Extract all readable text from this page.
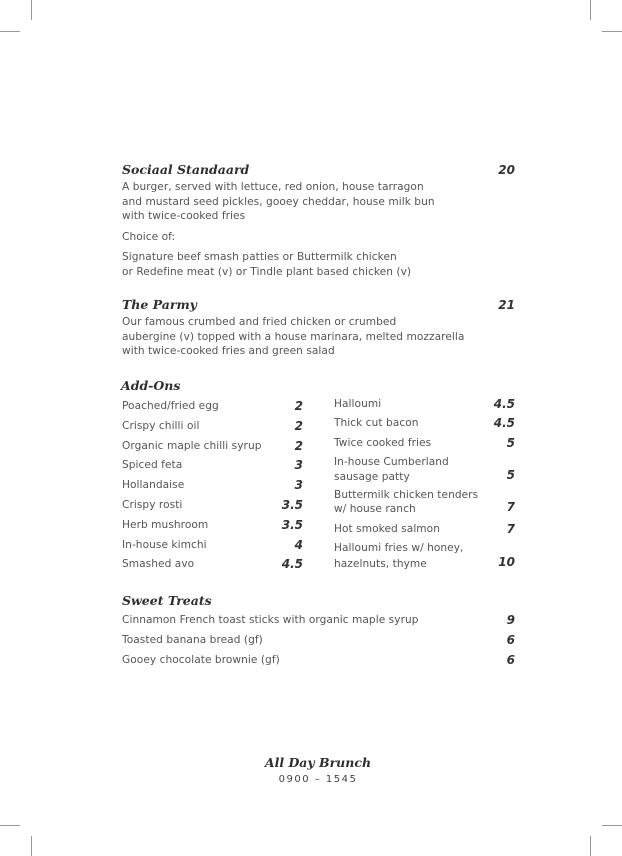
Sociaal Standaard	20
A burger, served with lettuce, red onion, house tarragon
and mustard seed pickles, gooey cheddar, house milk bun
with twice-cooked fries
Choice of:
Signature beef smash patties or Buttermilk chicken
or Redefine meat (v) or Tindle plant based chicken (v)
The Parmy	21
Our famous crumbed and fried chicken or crumbed
aubergine (v) topped with a house marinara, melted mozzarella
with twice-cooked fries and green salad
Add-Ons
Poached/fried egg	2
Crispy chilli oil	2
Organic maple chilli syrup	2
Spiced feta	3
Hollandaise	3
Crispy rosti	3.5
Herb mushroom	3.5
In-house kimchi	4
Smashed avo	4.5
Halloumi	4.5
Thick cut bacon	4.5
Twice cooked fries	5
In-house Cumberland
sausage patty	5
Buttermilk chicken tenders
w/ house ranch	7
Hot smoked salmon	7
Halloumi fries w/ honey,
hazelnuts, thyme	10
Sweet Treats
Cinnamon French toast sticks with organic maple syrup	9
Toasted banana bread (gf)	6
Gooey chocolate brownie (gf)	6
All Day Brunch
0900 – 1545
